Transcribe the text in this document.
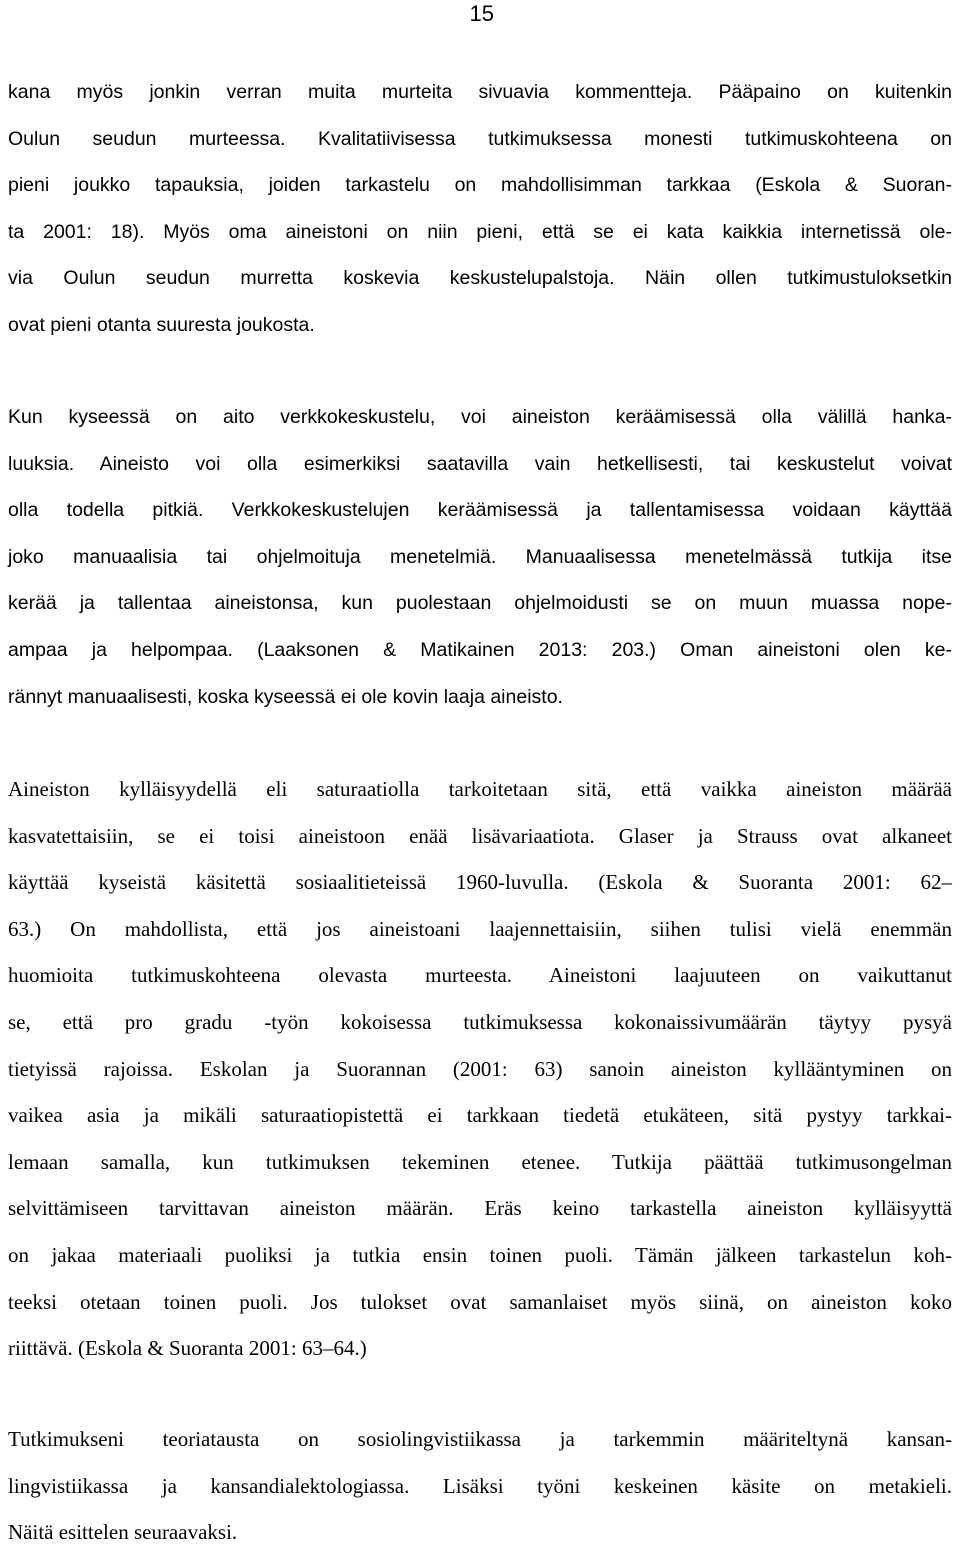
15
kana myös jonkin verran muita murteita sivuavia kommentteja. Pääpaino on kuitenkin
Oulun seudun murteessa. Kvalitatiivisessa tutkimuksessa monesti tutkimuskohteena on
pieni joukko tapauksia, joiden tarkastelu on mahdollisimman tarkkaa (Eskola & Suoran-
ta 2001: 18). Myös oma aineistoni on niin pieni, että se ei kata kaikkia internetissä ole-
via Oulun seudun murretta koskevia keskustelupalstoja. Näin ollen tutkimustuloksetkin
ovat pieni otanta suuresta joukosta.
Kun kyseessä on aito verkkokeskustelu, voi aineiston keräämisessä olla välillä hanka-
luuksia. Aineisto voi olla esimerkiksi saatavilla vain hetkellisesti, tai keskustelut voivat
olla todella pitkiä. Verkkokeskustelujen keräämisessä ja tallentamisessa voidaan käyttää
joko manuaalisia tai ohjelmoituja menetelmiä. Manuaalisessa menetelmässä tutkija itse
kerää ja tallentaa aineistonsa, kun puolestaan ohjelmoidusti se on muun muassa nope-
ampaa ja helpompaa. (Laaksonen & Matikainen 2013: 203.) Oman aineistoni olen ke-
rännyt manuaalisesti, koska kyseessä ei ole kovin laaja aineisto.
Aineiston kylläisyydellä eli saturaatiolla tarkoitetaan sitä, että vaikka aineiston määrää
kasvatettaisiin, se ei toisi aineistoon enää lisävariaatiota. Glaser ja Strauss ovat alkaneet
käyttää kyseistä käsitettä sosiaalitieteissä 1960-luvulla. (Eskola & Suoranta 2001: 62–
63.) On mahdollista, että jos aineistoani laajennettaisiin, siihen tulisi vielä enemmän
huomioita tutkimuskohteena olevasta murteesta. Aineistoni laajuuteen on vaikuttanut
se, että pro gradu -työn kokoisessa tutkimuksessa kokonaissivumäärän täytyy pysyä
tietyissä rajoissa. Eskolan ja Suorannan (2001: 63) sanoin aineiston kyllääntyminen on
vaikea asia ja mikäli saturaatiopistettä ei tarkkaan tiedetä etukäteen, sitä pystyy tarkkai-
lemaan samalla, kun tutkimuksen tekeminen etenee. Tutkija päättää tutkimusongelman
selvittämiseen tarvittavan aineiston määrän. Eräs keino tarkastella aineiston kylläisyyttä
on jakaa materiaali puoliksi ja tutkia ensin toinen puoli. Tämän jälkeen tarkastelun koh-
teeksi otetaan toinen puoli. Jos tulokset ovat samanlaiset myös siinä, on aineiston koko
riittävä. (Eskola & Suoranta 2001: 63–64.)
Tutkimukseni teoriatausta on sosiolingvistiikassa ja tarkemmin määriteltynä kansan-
lingvistiikassa ja kansandialektologiassa. Lisäksi työni keskeinen käsite on metakieli.
Näitä esittelen seuraavaksi.
